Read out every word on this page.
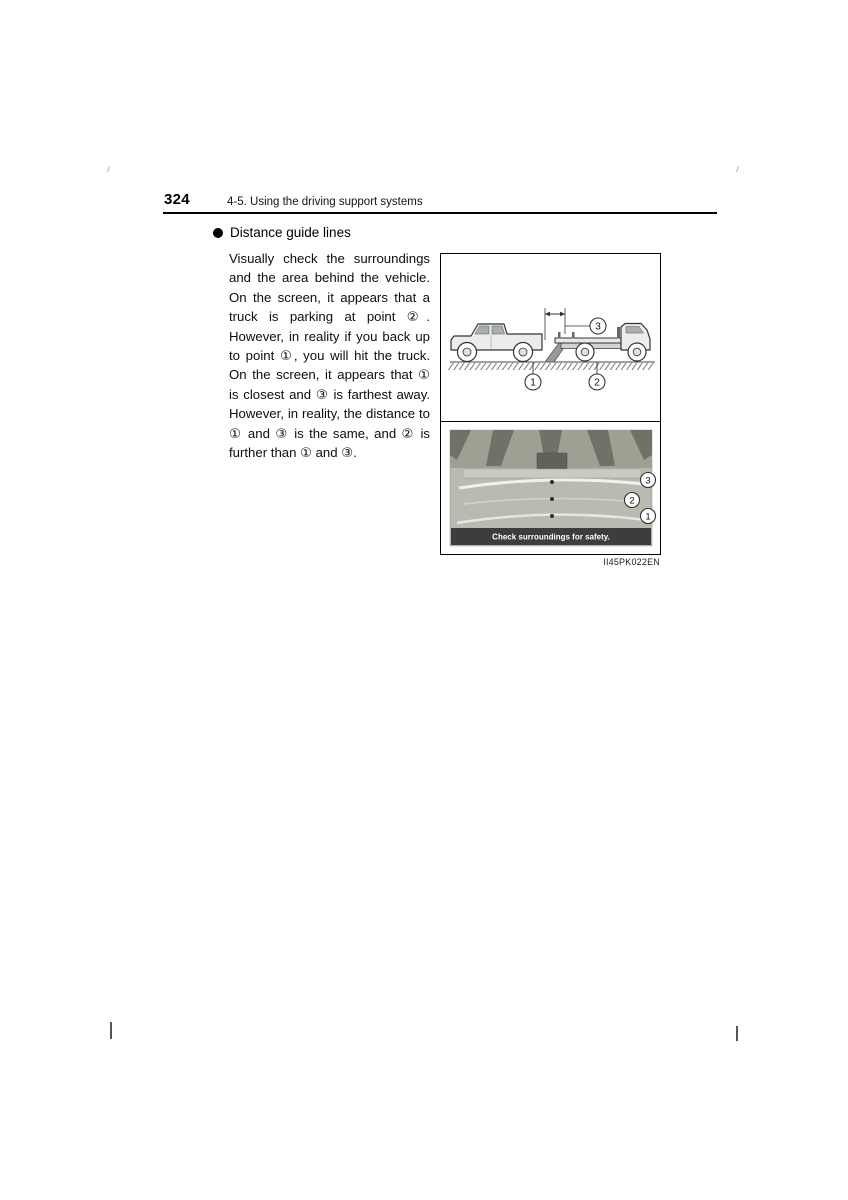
324	4-5. Using the driving support systems
Distance guide lines
Visually check the surroundings and the area behind the vehicle. On the screen, it appears that a truck is parking at point ②. However, in reality if you back up to point ①, you will hit the truck. On the screen, it appears that ① is closest and ③ is farthest away. However, in reality, the distance to ① and ③ is the same, and ② is further than ① and ③.
3
1	2
Check surroundings for safety.
3
2
1
II45PK022EN
